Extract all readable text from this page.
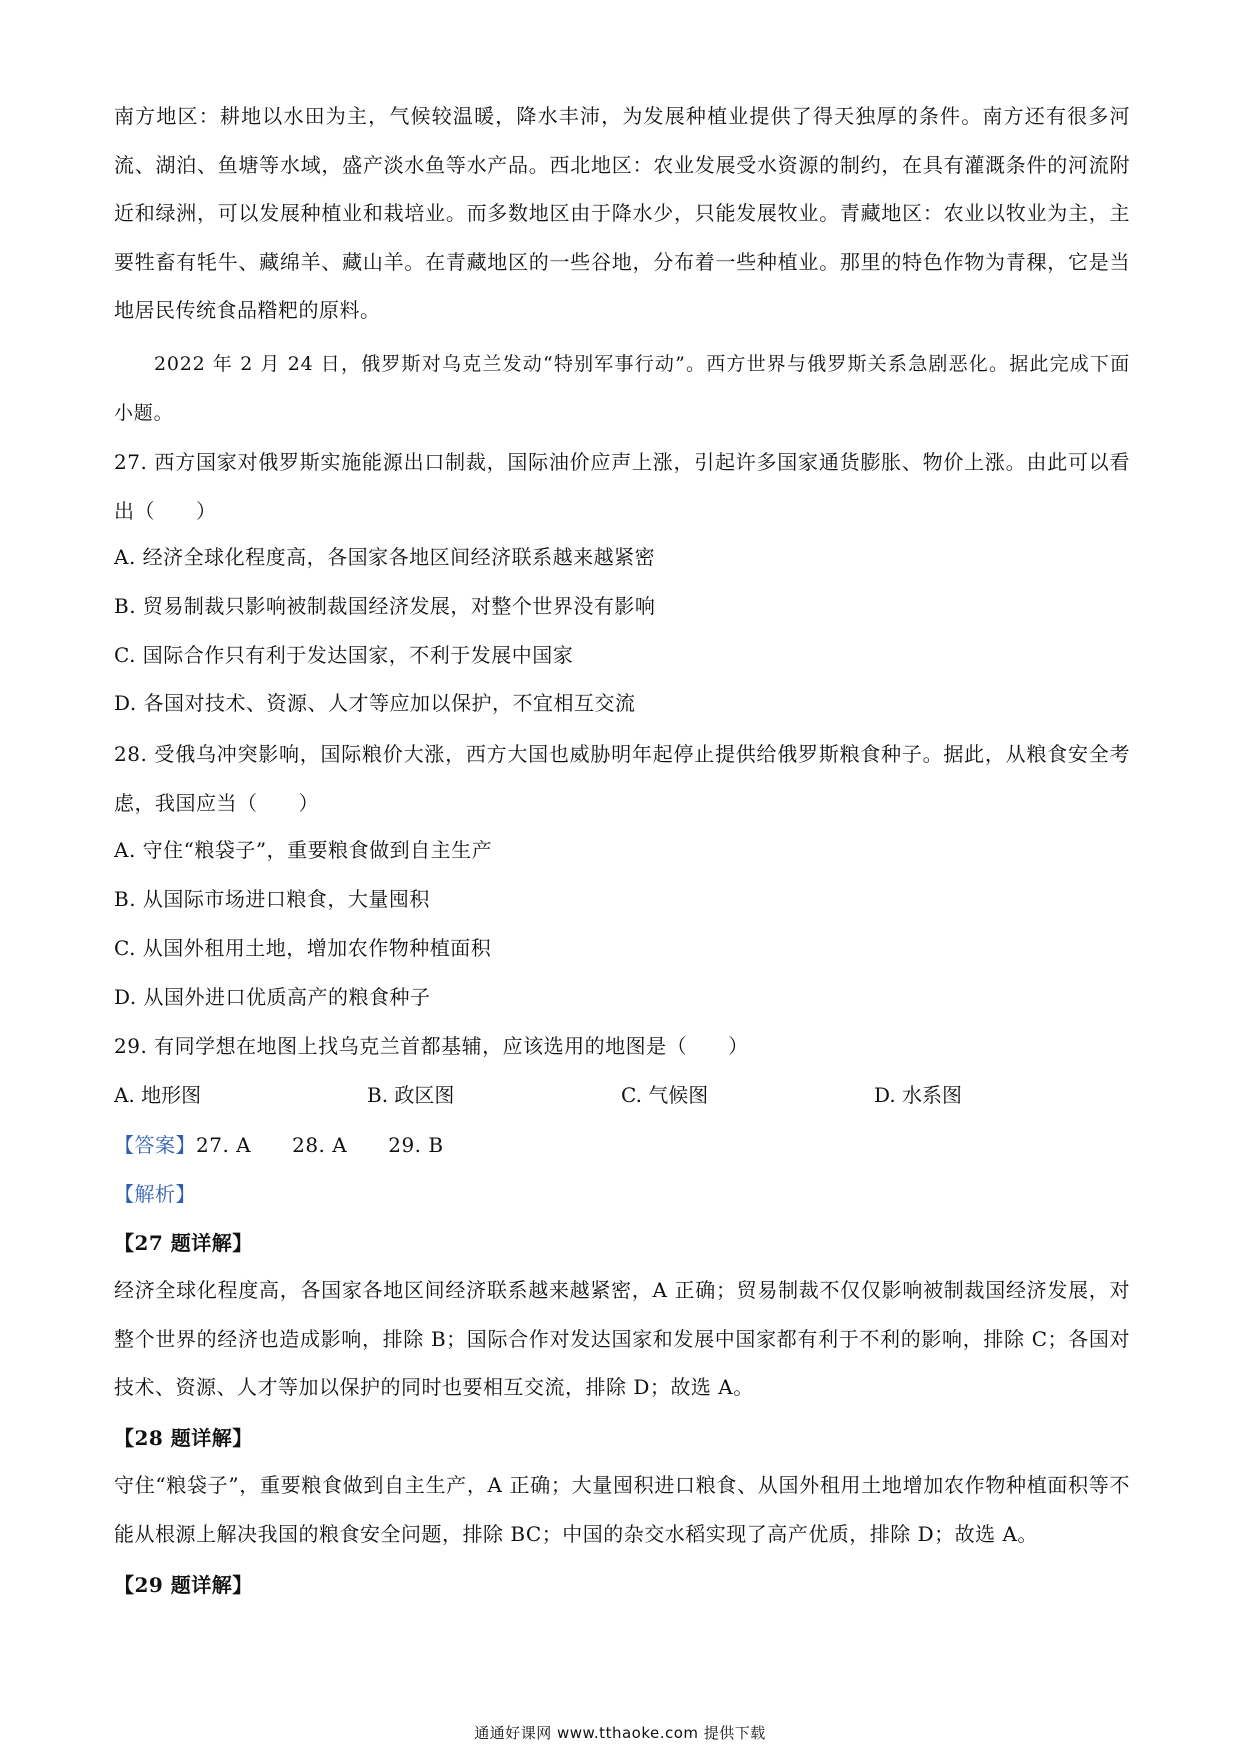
南方地区：耕地以水田为主，气候较温暖，降水丰沛，为发展种植业提供了得天独厚的条件。南方还有很多河流、湖泊、鱼塘等水域，盛产淡水鱼等水产品。西北地区：农业发展受水资源的制约，在具有灌溉条件的河流附近和绿洲，可以发展种植业和栽培业。而多数地区由于降水少，只能发展牧业。青藏地区：农业以牧业为主，主要牲畜有牦牛、藏绵羊、藏山羊。在青藏地区的一些谷地，分布着一些种植业。那里的特色作物为青稞，它是当地居民传统食品糌粑的原料。

2022 年 2 月 24 日，俄罗斯对乌克兰发动“特别军事行动”。西方世界与俄罗斯关系急剧恶化。据此完成下面小题。

27. 西方国家对俄罗斯实施能源出口制裁，国际油价应声上涨，引起许多国家通货膨胀、物价上涨。由此可以看出（　　）

A. 经济全球化程度高，各国家各地区间经济联系越来越紧密

B. 贸易制裁只影响被制裁国经济发展，对整个世界没有影响

C. 国际合作只有利于发达国家，不利于发展中国家

D. 各国对技术、资源、人才等应加以保护，不宜相互交流

28. 受俄乌冲突影响，国际粮价大涨，西方大国也威胁明年起停止提供给俄罗斯粮食种子。据此，从粮食安全考虑，我国应当（　　）

A. 守住“粮袋子”，重要粮食做到自主生产

B. 从国际市场进口粮食，大量囤积

C. 从国外租用土地，增加农作物种植面积

D. 从国外进口优质高产的粮食种子

29. 有同学想在地图上找乌克兰首都基辅，应该选用的地图是（　　）

A. 地形图	B. 政区图	C. 气候图	D. 水系图

【答案】27. A　　28. A　　29. B

【解析】

【27 题详解】

经济全球化程度高，各国家各地区间经济联系越来越紧密，A 正确；贸易制裁不仅仅影响被制裁国经济发展，对整个世界的经济也造成影响，排除 B；国际合作对发达国家和发展中国家都有利于不利的影响，排除 C；各国对技术、资源、人才等加以保护的同时也要相互交流，排除 D；故选 A。

【28 题详解】

守住“粮袋子”，重要粮食做到自主生产，A 正确；大量囤积进口粮食、从国外租用土地增加农作物种植面积等不能从根源上解决我国的粮食安全问题，排除 BC；中国的杂交水稻实现了高产优质，排除 D；故选 A。

【29 题详解】

通通好课网 www.tthaoke.com 提供下载
